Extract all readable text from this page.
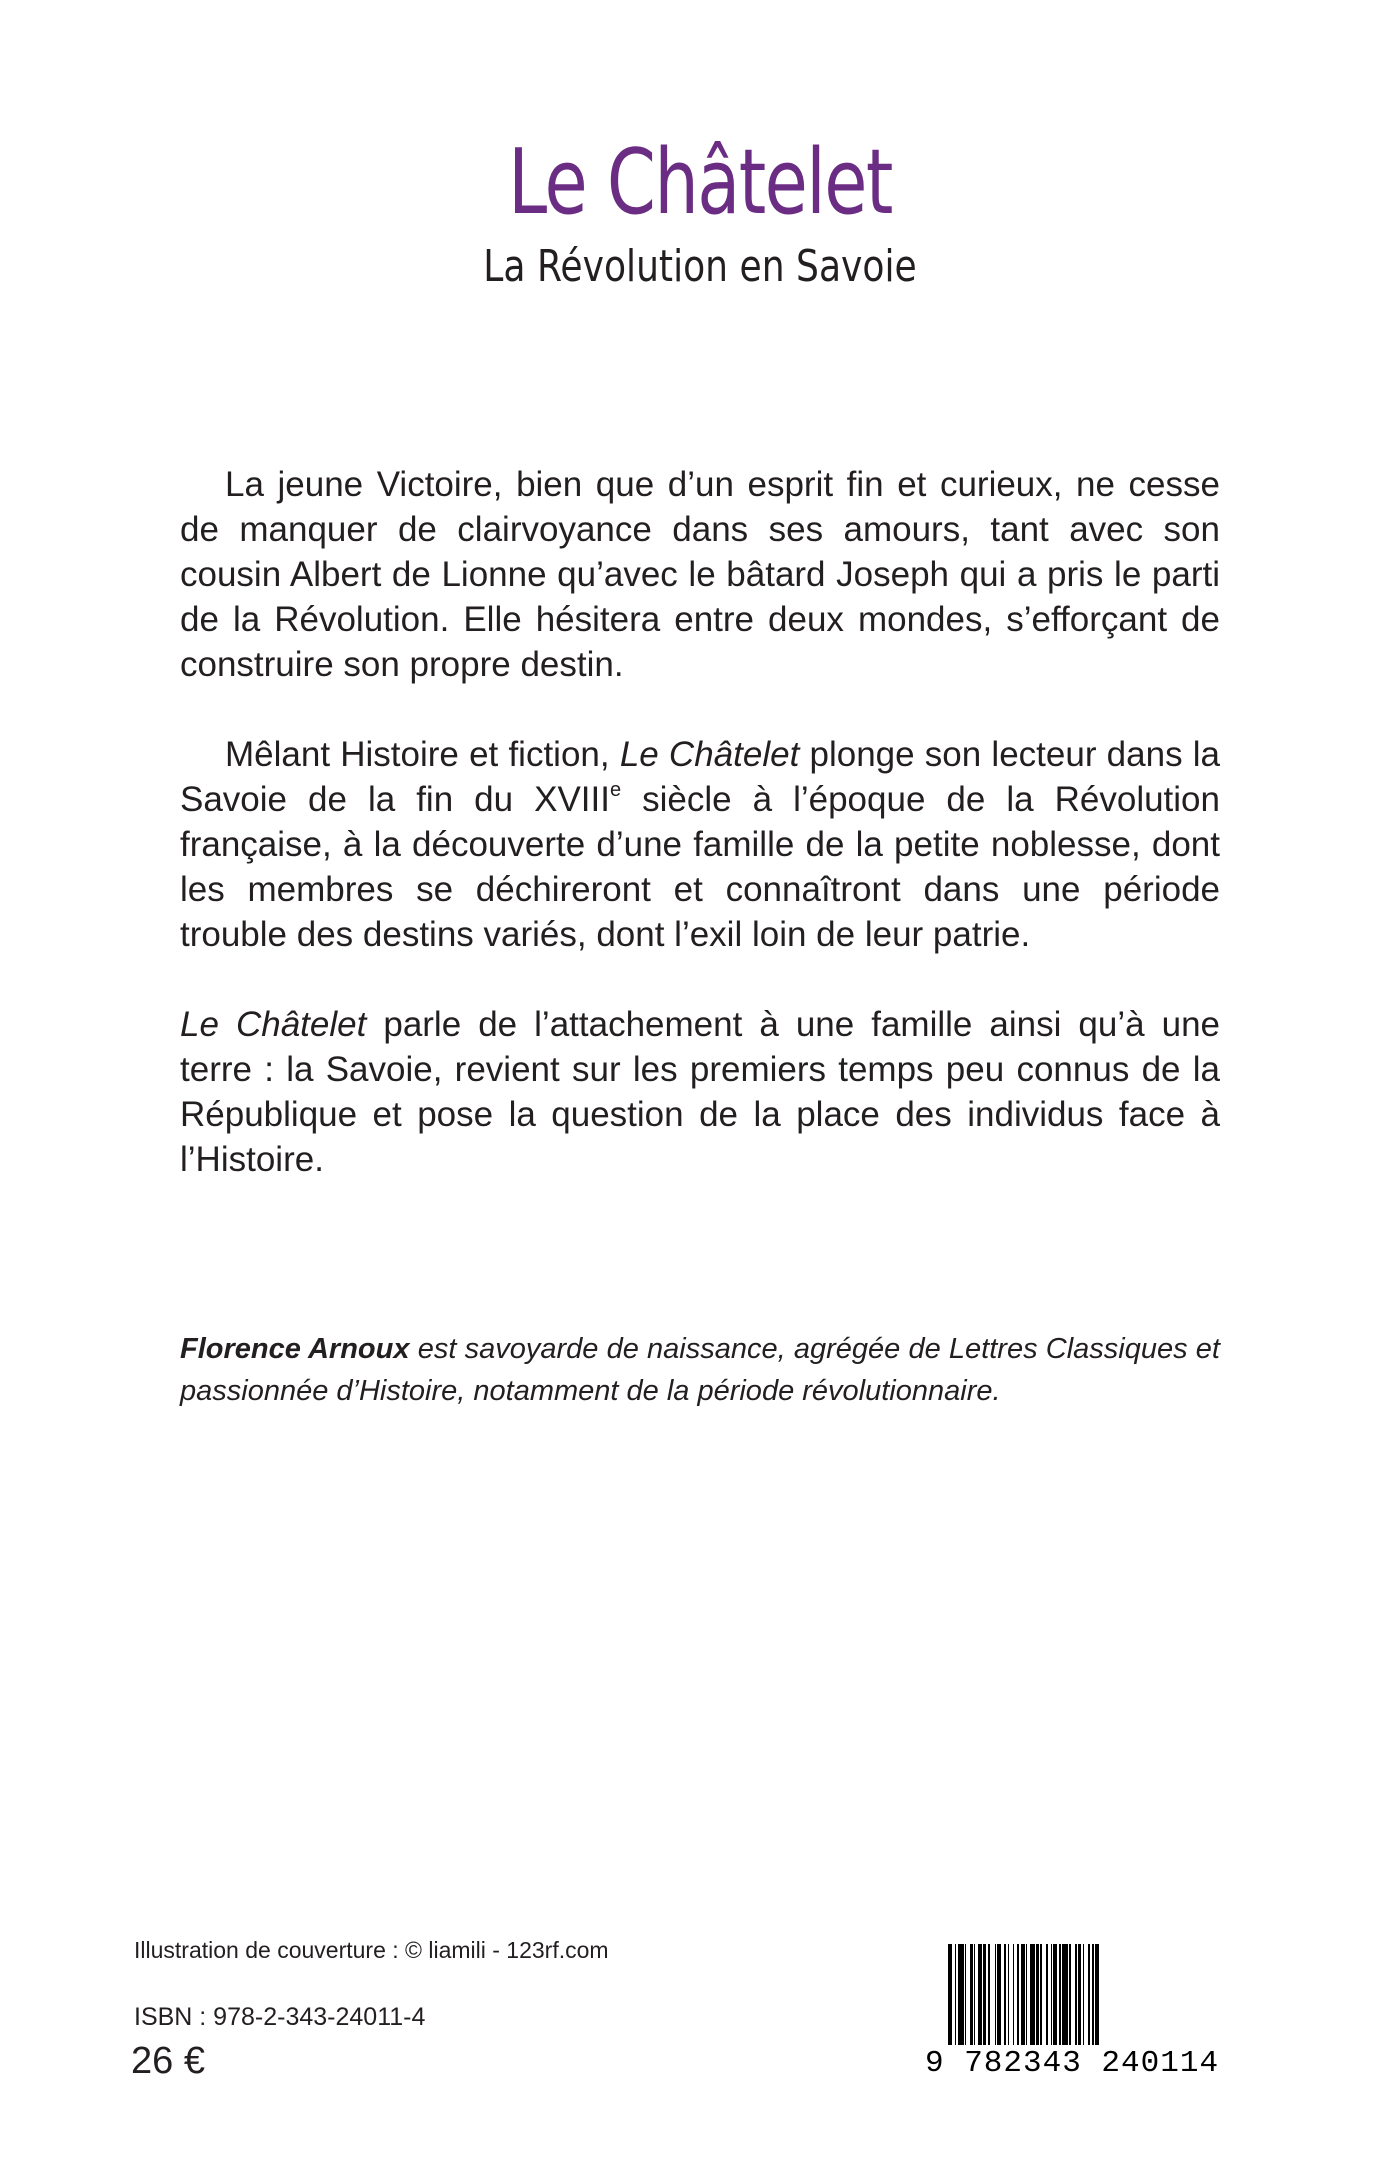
Le Châtelet
La Révolution en Savoie

La jeune Victoire, bien que d’un esprit fin et curieux, ne cesse de manquer de clairvoyance dans ses amours, tant avec son cousin Albert de Lionne qu’avec le bâtard Joseph qui a pris le parti de la Révolution. Elle hésitera entre deux mondes, s’efforçant de construire son propre destin.

Mêlant Histoire et fiction, Le Châtelet plonge son lecteur dans la Savoie de la fin du XVIIIe siècle à l’époque de la Révolution française, à la découverte d’une famille de la petite noblesse, dont les membres se déchireront et connaîtront dans une période trouble des destins variés, dont l’exil loin de leur patrie.

Le Châtelet parle de l’attachement à une famille ainsi qu’à une terre : la Savoie, revient sur les premiers temps peu connus de la République et pose la question de la place des individus face à l’Histoire.

Florence Arnoux est savoyarde de naissance, agrégée de Lettres Classiques et passionnée d’Histoire, notamment de la période révolutionnaire.
Illustration de couverture : © liamili - 123rf.com
ISBN : 978-2-343-24011-4
26 €	9 782343 240114
